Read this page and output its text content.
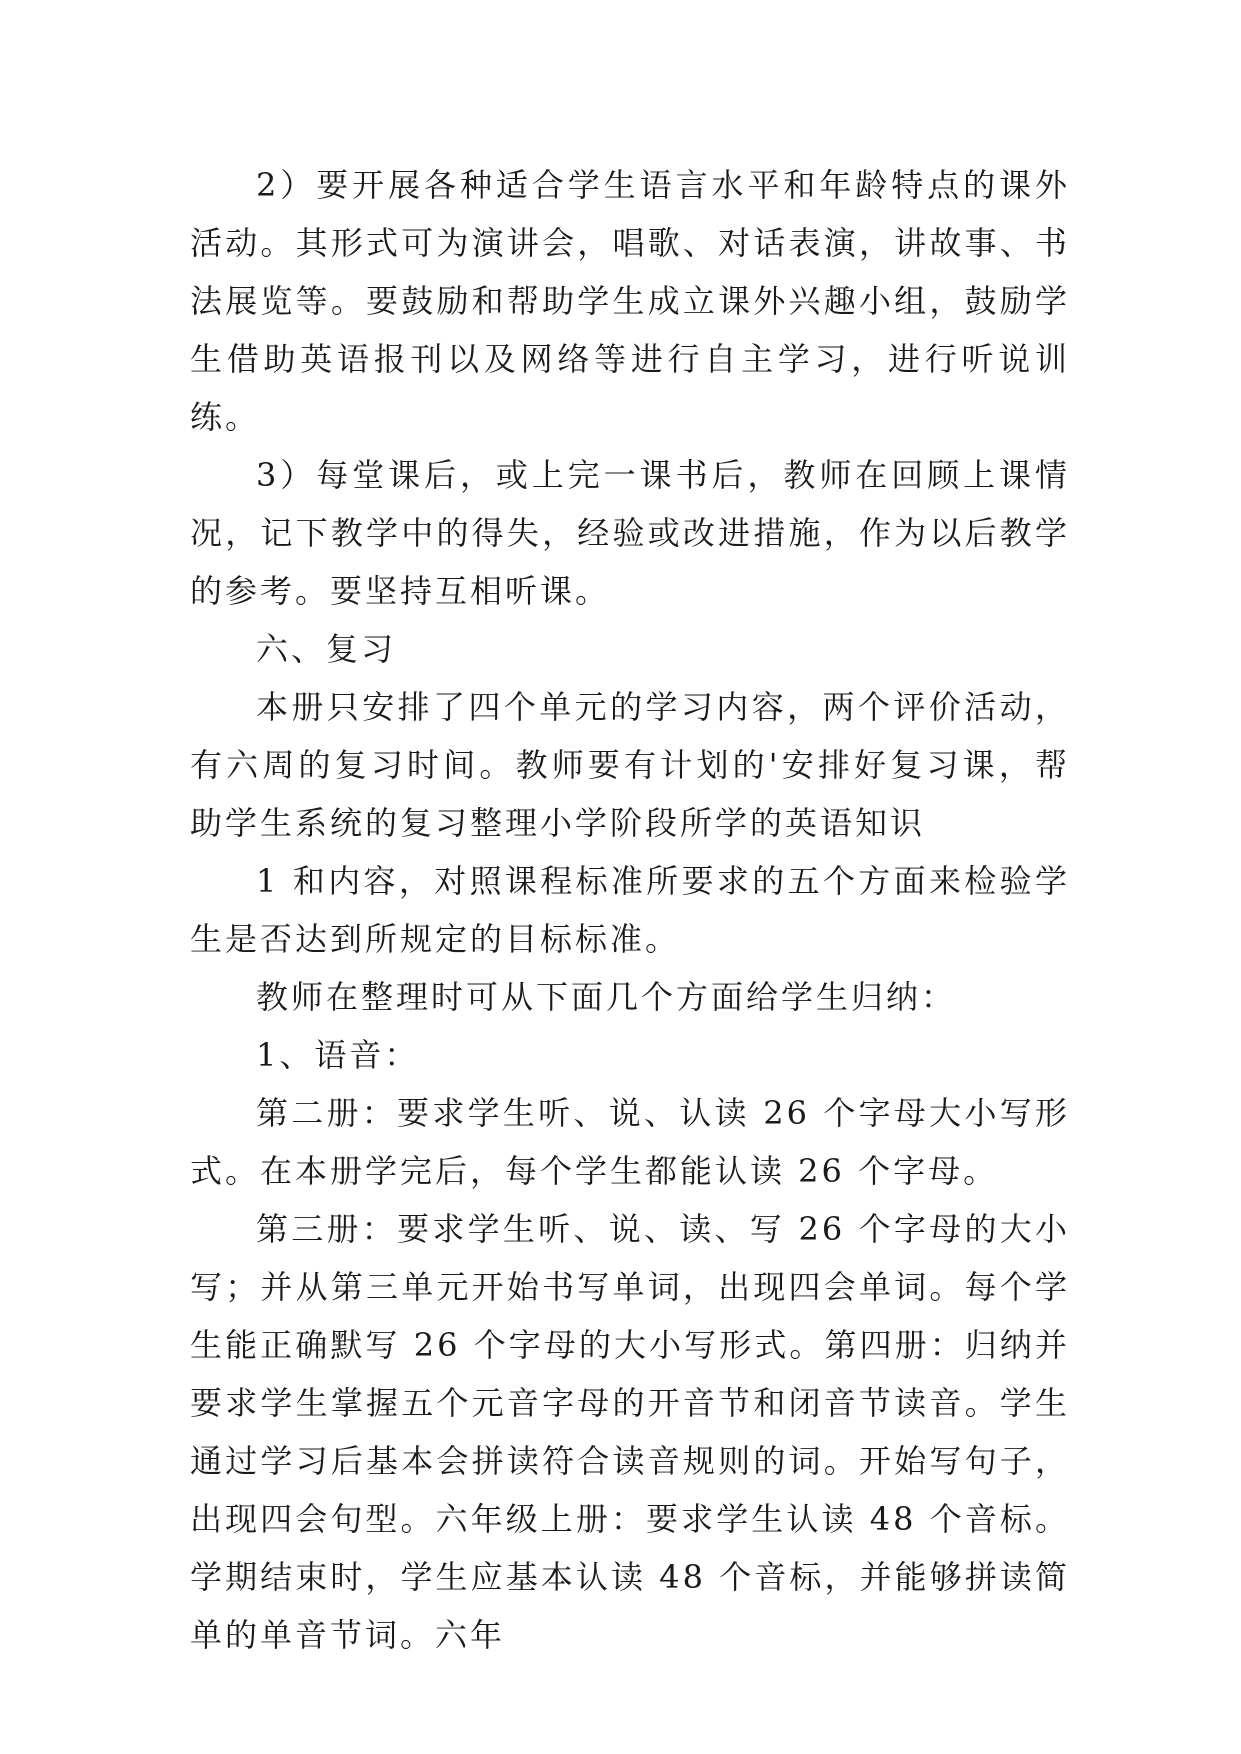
2）要开展各种适合学生语言水平和年龄特点的课外活动。其形式可为演讲会，唱歌、对话表演，讲故事、书法展览等。要鼓励和帮助学生成立课外兴趣小组，鼓励学生借助英语报刊以及网络等进行自主学习，进行听说训练。

3）每堂课后，或上完一课书后，教师在回顾上课情况，记下教学中的得失，经验或改进措施，作为以后教学的参考。要坚持互相听课。

六、复习

本册只安排了四个单元的学习内容，两个评价活动，有六周的复习时间。教师要有计划的'安排好复习课，帮助学生系统的复习整理小学阶段所学的英语知识

1 和内容，对照课程标准所要求的五个方面来检验学生是否达到所规定的目标标准。

教师在整理时可从下面几个方面给学生归纳：

1、语音：

第二册：要求学生听、说、认读 26 个字母大小写形式。在本册学完后，每个学生都能认读 26 个字母。

第三册：要求学生听、说、读、写 26 个字母的大小写；并从第三单元开始书写单词，出现四会单词。每个学生能正确默写 26 个字母的大小写形式。第四册：归纳并要求学生掌握五个元音字母的开音节和闭音节读音。学生通过学习后基本会拼读符合读音规则的词。开始写句子，出现四会句型。六年级上册：要求学生认读 48 个音标。学期结束时，学生应基本认读 48 个音标，并能够拼读简单的单音节词。六年
